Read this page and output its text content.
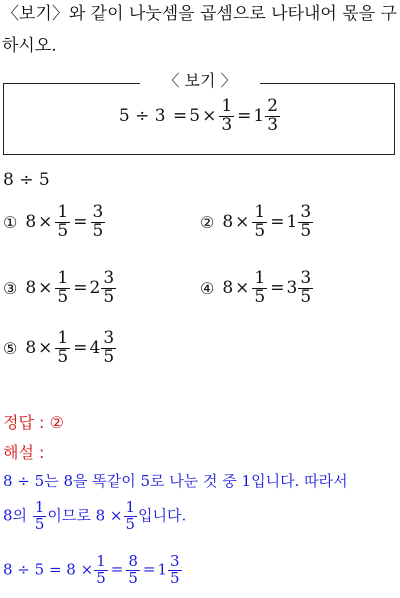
〈보기〉와 같이 나눗셈을 곱셈으로 나타내어 몫을 구
하시오.
〈 보기 〉
$5 \div 3 = 5 \times \frac{1}{3} = 1 \frac{2}{3}$
8 ÷ 5
① $8 \times \frac{1}{5} = \frac{3}{5}$	② $8 \times \frac{1}{5} = 1 \frac{3}{5}$
③ $8 \times \frac{1}{5} = 2 \frac{3}{5}$	④ $8 \times \frac{1}{5} = 3 \frac{3}{5}$
⑤ $8 \times \frac{1}{5} = 4 \frac{3}{5}$
정답 : ②
해설 :
8 ÷ 5는 8을 똑같이 5로 나눈 것 중 1입니다. 따라서
8의 $\frac{1}{5}$ 이므로 $8 \times \frac{1}{5}$ 입니다.
$8 \div 5 = 8 \times \frac{1}{5} = \frac{8}{5} = 1 \frac{3}{5}$
